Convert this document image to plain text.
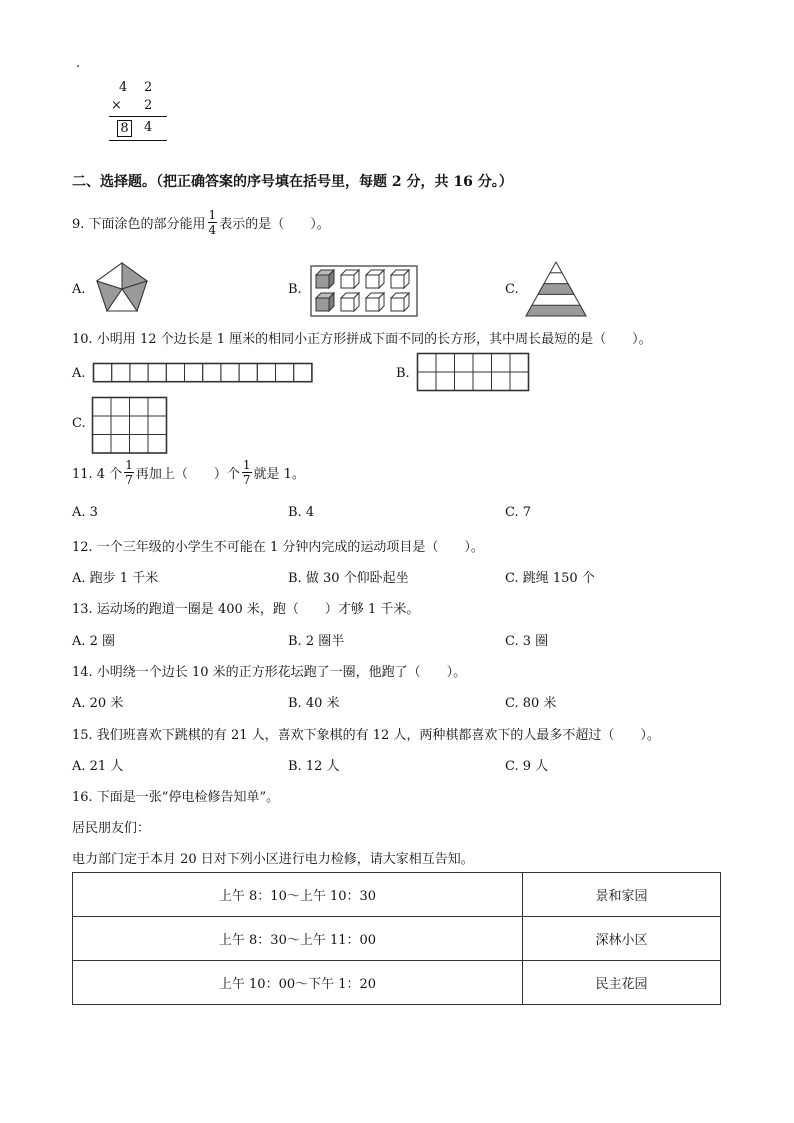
.
4 2
× 2
8 4
二、选择题。（把正确答案的序号填在括号里，每题 2 分，共 16 分。）
9. 下面涂色的部分能用 $\frac{1}{4}$ 表示的是（　　）。
A.	B.	C.
10. 小明用 12 个边长是 1 厘米的相同小正方形拼成下面不同的长方形，其中周长最短的是（　　）。
A.	B.
C.
11. 4 个 $\frac{1}{7}$ 再加上（　　）个 $\frac{1}{7}$ 就是 1。
A. 3	B. 4	C. 7
12. 一个三年级的小学生不可能在 1 分钟内完成的运动项目是（　　）。
A. 跑步 1 千米	B. 做 30 个仰卧起坐	C. 跳绳 150 个
13. 运动场的跑道一圈是 400 米，跑（　　）才够 1 千米。
A. 2 圈	B. 2 圈半	C. 3 圈
14. 小明绕一个边长 10 米的正方形花坛跑了一圈，他跑了（　　）。
A. 20 米	B. 40 米	C. 80 米
15. 我们班喜欢下跳棋的有 21 人，喜欢下象棋的有 12 人，两种棋都喜欢下的人最多不超过（　　）。
A. 21 人	B. 12 人	C. 9 人
16. 下面是一张“停电检修告知单”。
居民朋友们：
电力部门定于本月 20 日对下列小区进行电力检修，请大家相互告知。
上午 8：10～上午 10：30	景和家园
上午 8：30～上午 11：00	深林小区
上午 10：00～下午 1：20	民主花园
